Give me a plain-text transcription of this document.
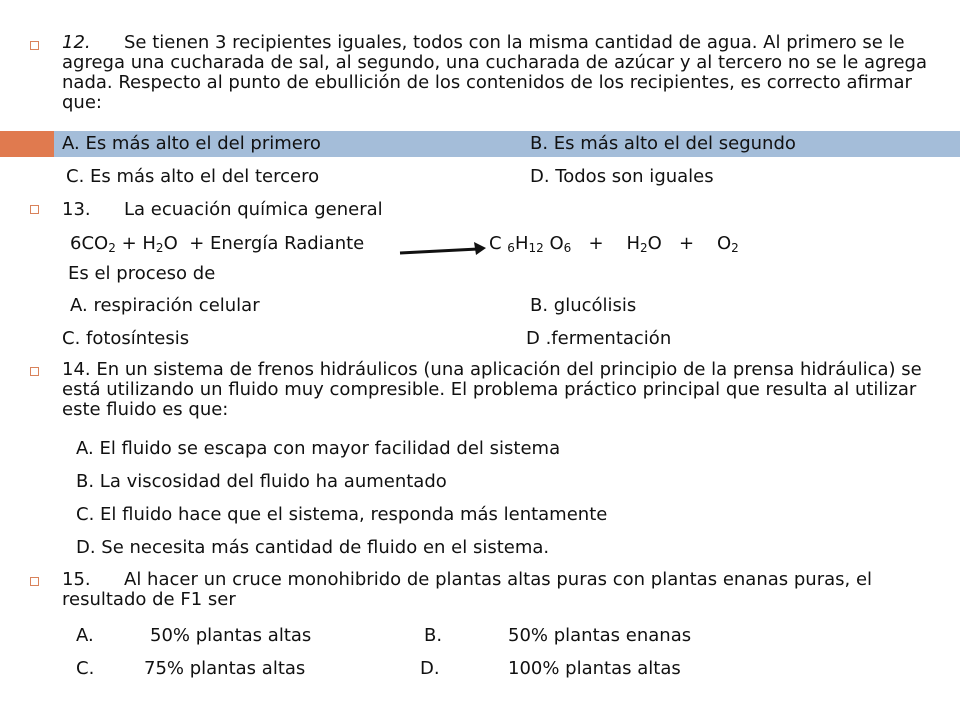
12. Se tienen 3 recipientes iguales, todos con la misma cantidad de agua. Al primero se le agrega una cucharada de sal, al segundo, una cucharada de azúcar y al tercero no se le agrega nada. Respecto al punto de ebullición de los contenidos de los recipientes, es correcto afirmar que:
A. Es más alto el del primero	B. Es más alto el del segundo
C. Es más alto el del tercero	D. Todos son iguales
13. La ecuación química general
$6CO_2 + H_2O$ + Energía Radiante	C $_6H_{12}$ $O_6 + H_2O + O_2$
Es el proceso de
A. respiración celular	B. glucólisis
C. fotosíntesis	D .fermentación
14. En un sistema de frenos hidráulicos (una aplicación del principio de la prensa hidráulica) se está utilizando un fluido muy compresible. El problema práctico principal que resulta al utilizar este fluido es que:
A. El fluido se escapa con mayor facilidad del sistema
B. La viscosidad del fluido ha aumentado
C. El fluido hace que el sistema, responda más lentamente
D. Se necesita más cantidad de fluido en el sistema.
15. Al hacer un cruce monohibrido de plantas altas puras con plantas enanas puras, el resultado de F1 ser
A.	50% plantas altas	B.	50% plantas enanas
C.	75% plantas altas	D.	100% plantas altas
